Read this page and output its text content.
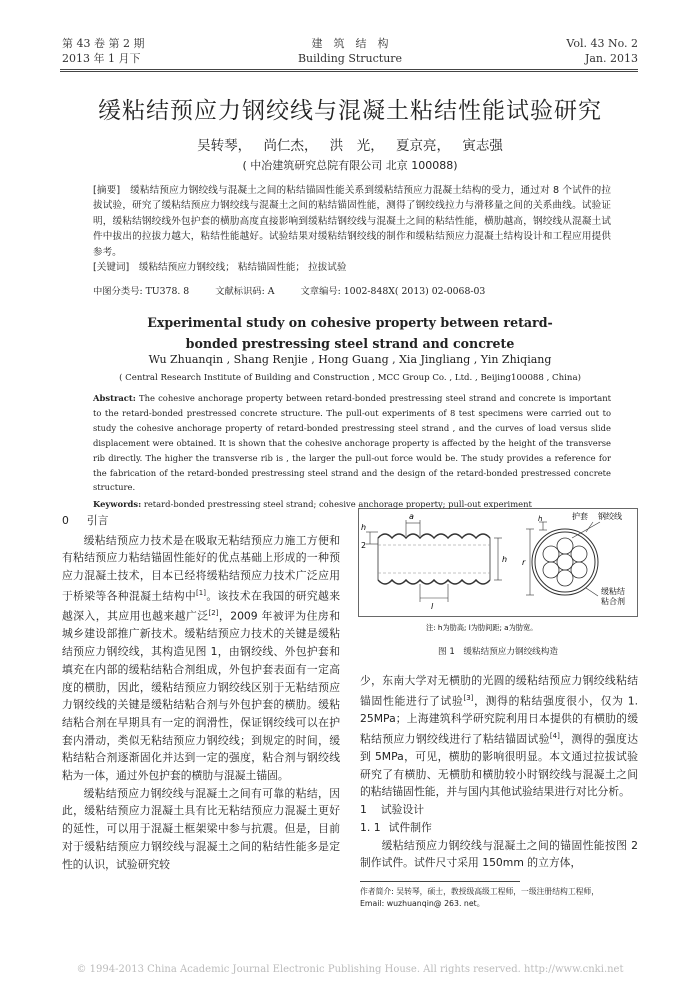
第 43 卷 第 2 期
2013 年 1 月下
建　筑　结　构
Building Structure
Vol. 43 No. 2
Jan. 2013
缓粘结预应力钢绞线与混凝土粘结性能试验研究
吴转琴， 尚仁杰， 洪　光， 夏京亮， 寅志强
( 中冶建筑研究总院有限公司 北京 100088)

[摘要]　 缓粘结预应力钢绞线与混凝土之间的粘结锚固性能关系到缓粘结预应力混凝土结构的受力，通过对 8 个试件的拉拔试验，研究了缓粘结预应力钢绞线与混凝土之间的粘结锚固性能，测得了钢绞线拉力与滑移量之间的关系曲线。试验证明，缓粘结钢绞线外包护套的横肋高度直接影响到缓粘结钢绞线与混凝土之间的粘结性能，横肋越高，钢绞线从混凝土试件中拔出的拉拔力越大，粘结性能越好。试验结果对缓粘结钢绞线的制作和缓粘结预应力混凝土结构设计和工程应用提供参考。

[关键词]　 缓粘结预应力钢绞线； 粘结锚固性能； 拉拔试验
中图分类号: TU378. 8	文献标识码: A	文章编号: 1002-848X( 2013) 02-0068-03
Experimental study on cohesive property between retard-bonded prestressing steel strand and concrete
Wu Zhuanqin , Shang Renjie , Hong Guang , Xia Jingliang , Yin Zhiqiang
( Central Research Institute of Building and Construction , MCC Group Co. , Ltd. , Beijing100088 , China)

Abstract: The cohesive anchorage property between retard-bonded prestressing steel strand and concrete is important to the retard-bonded prestressed concrete structure. The pull-out experiments of 8 test specimens were carried out to study the cohesive anchorage property of retard-bonded prestressing steel strand , and the curves of load versus slide displacement were obtained. It is shown that the cohesive anchorage property is affected by the height of the transverse rib directly. The higher the transverse rib is , the larger the pull-out force would be. The study provides a reference for the fabrication of the retard-bonded prestressing steel strand and the design of the retard-bonded prestressed concrete structure.

Keywords: retard-bonded prestressing steel strand; cohesive anchorage property; pull-out experiment

0 引言

缓粘结预应力技术是在吸取无粘结预应力施工方便和有粘结预应力粘结锚固性能好的优点基础上形成的一种预应力混凝土技术，目本已经将缓粘结预应力技术广泛应用于桥梁等各种混凝土结构中[1]。该技术在我国的研究越来越深入，其应用也越来越广泛[2]，2009 年被评为住房和城乡建设部推广新技术。缓粘结预应力技术的关键是缓粘结预应力钢绞线，其构造见图 1，由钢绞线、外包护套和填充在内部的缓粘结粘合剂组成，外包护套表面有一定高度的横肋，因此，缓粘结预应力钢绞线区别于无粘结预应力钢绞线的关键是缓粘结粘合剂与外包护套的横肋。缓粘结粘合剂在早期具有一定的润滑性，保证钢绞线可以在护套内滑动，类似无粘结预应力钢绞线；到规定的时间，缓粘结粘合剂逐渐固化并达到一定的强度，粘合剂与钢绞线粘为一体，通过外包护套的横肋与混凝土锚固。

缓粘结预应力钢绞线与混凝土之间有可靠的粘结，因此，缓粘结预应力混凝土具有比无粘结预应力混凝土更好的延性，可以用于混凝土框架梁中参与抗震。但是，目前对于缓粘结预应力钢绞线与混凝土之间的粘结性能多是定性的认识，试验研究较

a
h
2
h
l
护套 钢绞线
缓粘结
粘合剂
h
r
注: h为肋高; l为肋间距; a为肋宽。
图 1　缓粘结预应力钢绞线构造

少，东南大学对无横肋的光圆的缓粘结预应力钢绞线粘结锚固性能进行了试验[3]，测得的粘结强度很小，仅为 1. 25MPa；上海建筑科学研究院利用日本提供的有横肋的缓粘结预应力钢绞线进行了粘结锚固试验[4]，测得的强度达到 5MPa，可见，横肋的影响很明显。本文通过拉拔试验研究了有横肋、无横肋和横肋较小时钢绞线与混凝土之间的粘结锚固性能，并与国内其他试验结果进行对比分析。

1 试验设计

1. 1 试件制作

缓粘结预应力钢绞线与混凝土之间的锚固性能按图 2 制作试件。试件尺寸采用 150mm 的立方体，

作者简介: 吴转琴，硕士，教授级高级工程师，一级注册结构工程师，
Email: wuzhuanqin@ 263. net。
© 1994-2013 China Academic Journal Electronic Publishing House. All rights reserved. http://www.cnki.net
